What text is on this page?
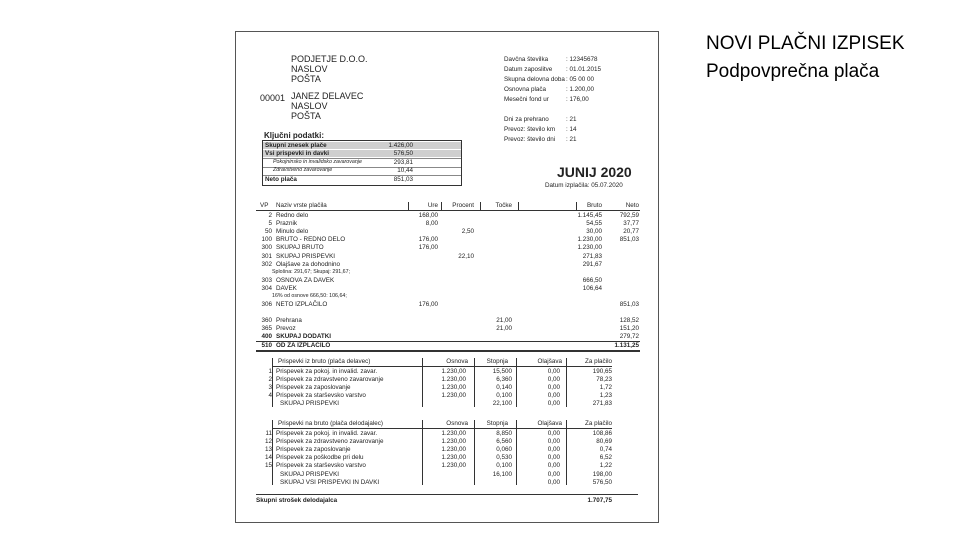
NOVI PLAČNI IZPISEK
Podpovprečna plača
PODJETJE D.O.O.
NASLOV
POŠTA
00001 JANEZ DELAVEC
NASLOV
POŠTA
Davčna številka	: 12345678
Datum zaposlitve : 01.01.2015
Skupna delovna doba : 05 00 00
Osnovna plača	: 1.200,00
Mesečni fond ur	: 176,00
Dni za prehrano	: 21
Prevoz: število km : 14
Prevoz: število dni : 21
Ključni podatki:
Skupni znesek plače	1.426,00
Vsi prispevki in davki	576,50
Pokojninsko in invalidsko zavarovanje	293,81
Zdravstveno zavarovanje	10,44
Neto plača	851,03	JUNIJ 2020
Datum izplačila: 05.07.2020
VP Naziv vrste plačila	Ure	Procent	Točke	Bruto	Neto
2 Redno delo	168,00	1.145,45	792,59
5 Praznik	8,00	54,55	37,77
50 Minulo delo	2,50	30,00	20,77
100 BRUTO - REDNO DELO	176,00	1.230,00	851,03
300 SKUPAJ BRUTO	176,00	1.230,00
301 SKUPAJ PRISPEVKI	22,10	271,83
302 Olajšave za dohodnino	291,67
Splošna: 291,67; Skupaj: 291,67;
303 OSNOVA ZA DAVEK	666,50
304 DAVEK	106,64
16% od osnove 666,50: 106,64;
306 NETO IZPLAČILO	176,00	851,03
360 Prehrana	21,00	128,52
365 Prevoz	21,00	151,20
400 SKUPAJ DODATKI	279,72
510 OD ZA IZPLAČILO	1.131,25
Prispevki iz bruto (plača delavec)	Osnova	Stopnja	Olajšava	Za plačilo
1 Prispevek za pokoj. in invalid. zavar.	1.230,00	15,500	0,00	190,65
2 Prispevek za zdravstveno zavarovanje	1.230,00	6,360	0,00	78,23
3 Prispevek za zaposlovanje	1.230,00	0,140	0,00	1,72
4 Prispevek za starševsko varstvo	1.230,00	0,100	0,00	1,23
SKUPAJ PRISPEVKI	22,100	0,00	271,83
Prispevki na bruto (plača delodajalec)	Osnova	Stopnja	Olajšava	Za plačilo
11 Prispevek za pokoj. in invalid. zavar.	1.230,00	8,850	0,00	108,86
12 Prispevek za zdravstveno zavarovanje	1.230,00	6,560	0,00	80,69
13 Prispevek za zaposlovanje	1.230,00	0,060	0,00	0,74
14 Prispevek za poškodbe pri delu	1.230,00	0,530	0,00	6,52
15 Prispevek za starševsko varstvo	1.230,00	0,100	0,00	1,22
SKUPAJ PRISPEVKI	16,100	0,00	198,00
SKUPAJ VSI PRISPEVKI IN DAVKI	0,00	576,50
Skupni strošek delodajalca	1.707,75
